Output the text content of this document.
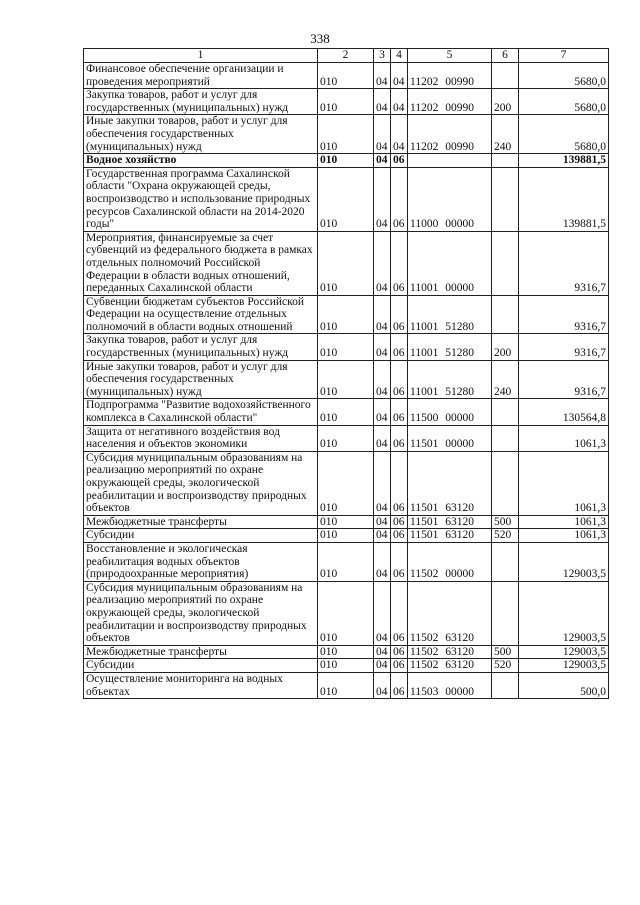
338
1	2	3	4	5	6	7
Финансовое обеспечение организации и проведения мероприятий	010	04	04	11202 00990		5680,0
Закупка товаров, работ и услуг для государственных (муниципальных) нужд	010	04	04	11202 00990	200	5680,0
Иные закупки товаров, работ и услуг для обеспечения государственных (муниципальных) нужд	010	04	04	11202 00990	240	5680,0
Водное хозяйство	010	04	06			139881,5
Государственная программа Сахалинской области "Охрана окружающей среды, воспроизводство и использование природных ресурсов Сахалинской области на 2014-2020 годы"	010	04	06	11000 00000		139881,5
Мероприятия, финансируемые за счет субвенций из федерального бюджета в рамках отдельных полномочий Российской Федерации в области водных отношений, переданных Сахалинской области	010	04	06	11001 00000		9316,7
Субвенции бюджетам субъектов Российской Федерации на осуществление отдельных полномочий в области водных отношений	010	04	06	11001 51280		9316,7
Закупка товаров, работ и услуг для государственных (муниципальных) нужд	010	04	06	11001 51280	200	9316,7
Иные закупки товаров, работ и услуг для обеспечения государственных (муниципальных) нужд	010	04	06	11001 51280	240	9316,7
Подпрограмма "Развитие водохозяйственного комплекса в Сахалинской области"	010	04	06	11500 00000		130564,8
Защита от негативного воздействия вод населения и объектов экономики	010	04	06	11501 00000		1061,3
Субсидия муниципальным образованиям на реализацию мероприятий по охране окружающей среды, экологической реабилитации и воспроизводству природных объектов	010	04	06	11501 63120		1061,3
Межбюджетные трансферты	010	04	06	11501 63120	500	1061,3
Субсидии	010	04	06	11501 63120	520	1061,3
Восстановление и экологическая реабилитация водных объектов (природоохранные мероприятия)	010	04	06	11502 00000		129003,5
Субсидия муниципальным образованиям на реализацию мероприятий по охране окружающей среды, экологической реабилитации и воспроизводству природных объектов	010	04	06	11502 63120		129003,5
Межбюджетные трансферты	010	04	06	11502 63120	500	129003,5
Субсидии	010	04	06	11502 63120	520	129003,5
Осуществление мониторинга на водных объектах	010	04	06	11503 00000		500,0
